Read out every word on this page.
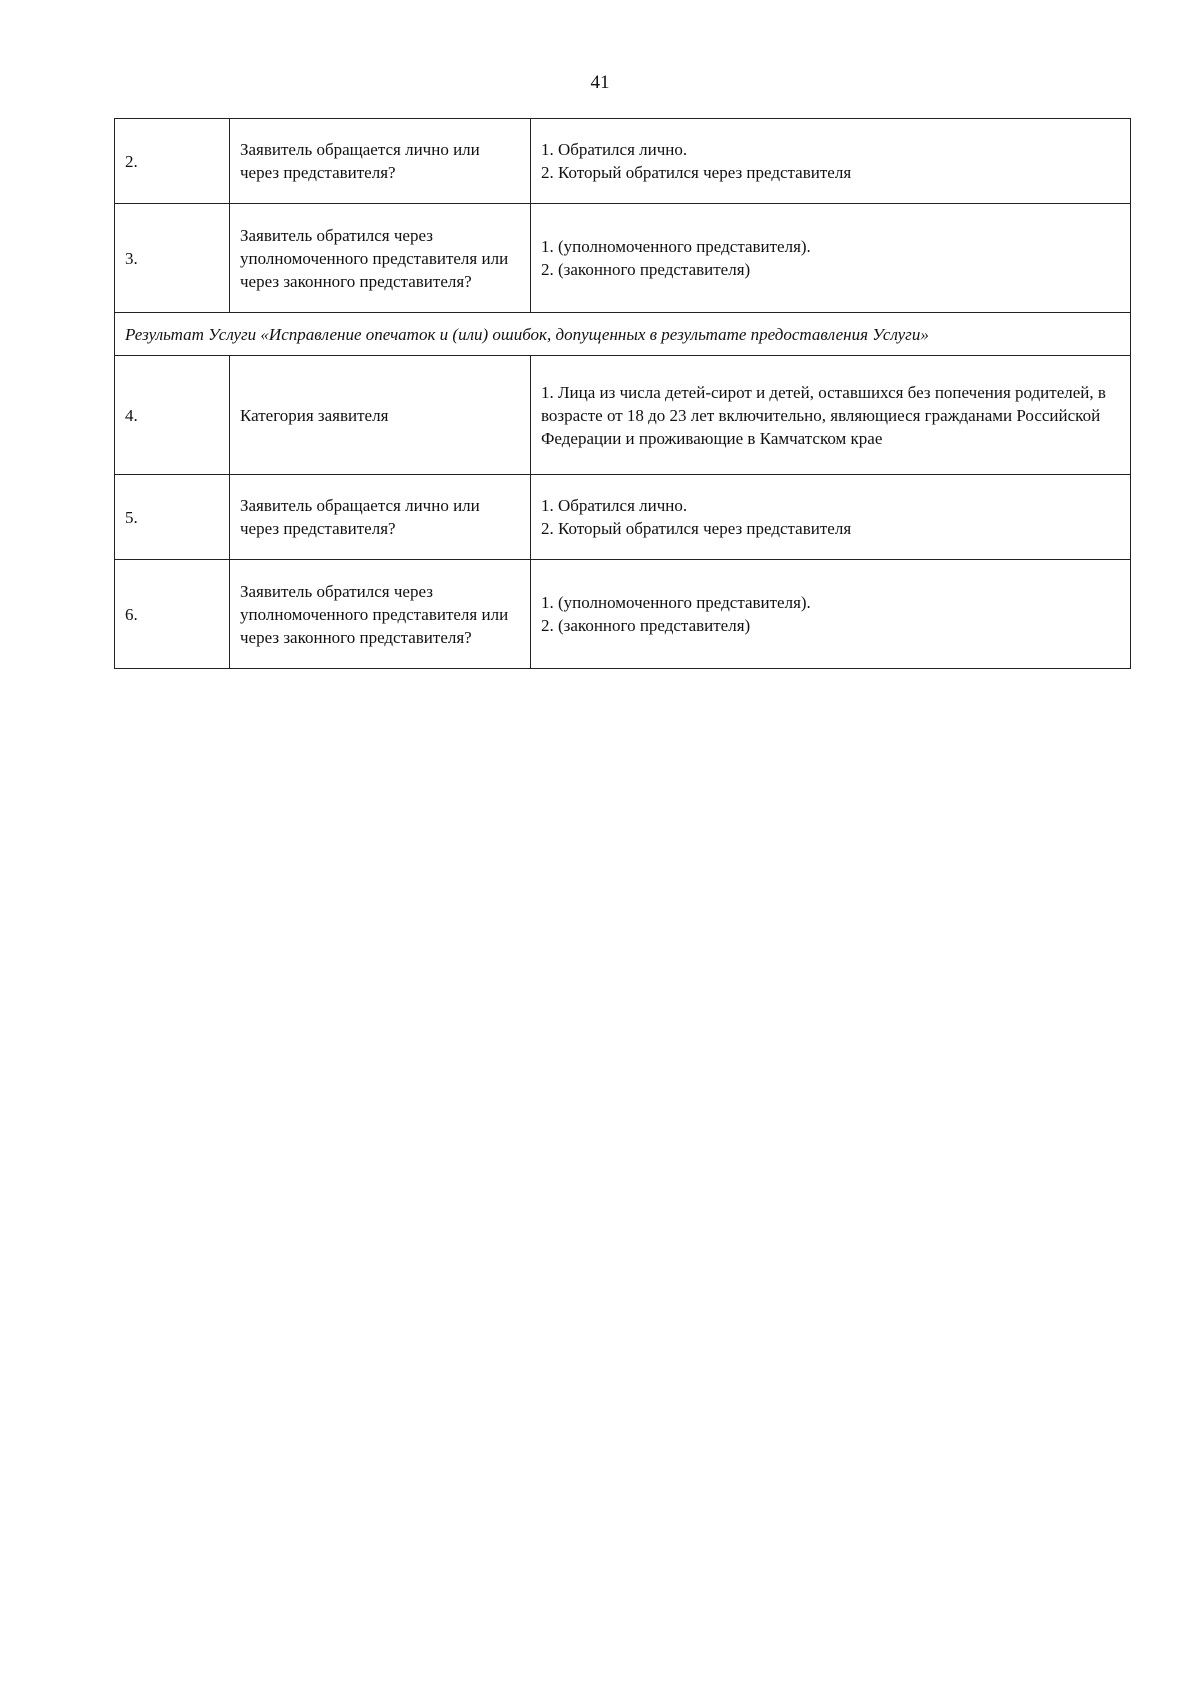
41
2.	Заявитель обращается лично или через представителя?	1. Обратился лично.
2. Который обратился через представителя

3.	Заявитель обратился через уполномоченного представителя или через законного представителя?	1. (уполномоченного представителя).
2. (законного представителя)

Результат Услуги «Исправление опечаток и (или) ошибок, допущенных в результате предоставления Услуги»		
4.	Категория заявителя	1. Лица из числа детей-сирот и детей, оставшихся без попечения родителей, в возрасте от 18 до 23 лет включительно, являющиеся гражданами Российской Федерации и проживающие в Камчатском крае

5.	Заявитель обращается лично или через представителя?	1. Обратился лично.
2. Который обратился через представителя

6.	Заявитель обратился через уполномоченного представителя или через законного представителя?	1. (уполномоченного представителя).
2. (законного представителя)
